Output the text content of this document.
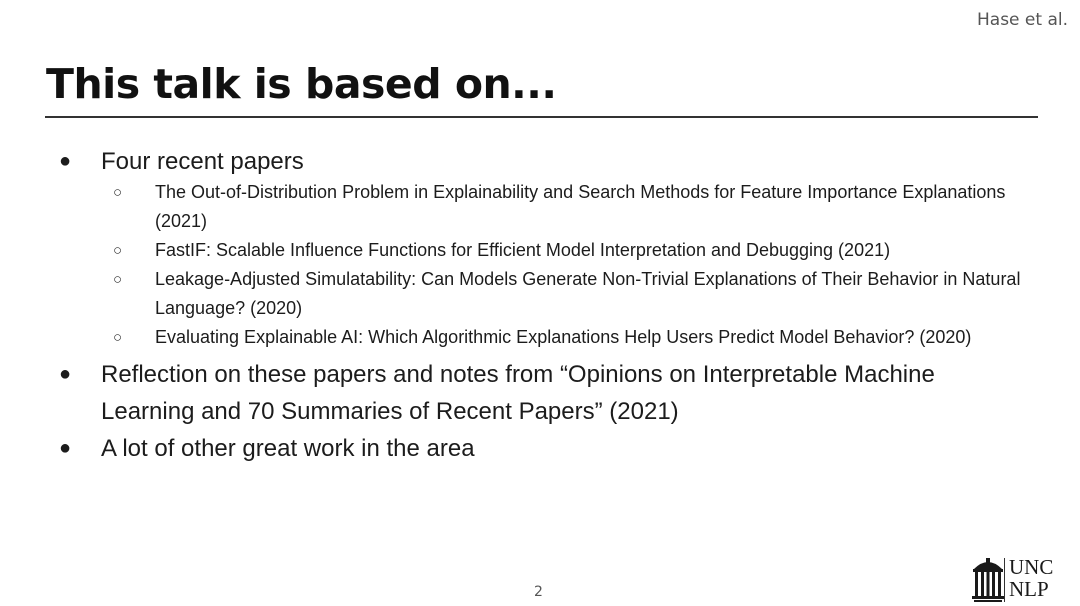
Hase et al.
This talk is based on...
● Four recent papers
○ The Out-of-Distribution Problem in Explainability and Search Methods for Feature Importance Explanations (2021)
○ FastIF: Scalable Influence Functions for Efficient Model Interpretation and Debugging (2021)
○ Leakage-Adjusted Simulatability: Can Models Generate Non-Trivial Explanations of Their Behavior in Natural Language? (2020)
○ Evaluating Explainable AI: Which Algorithmic Explanations Help Users Predict Model Behavior? (2020)
● Reflection on these papers and notes from “Opinions on Interpretable Machine Learning and 70 Summaries of Recent Papers” (2021)
● A lot of other great work in the area
2
UNC
NLP
